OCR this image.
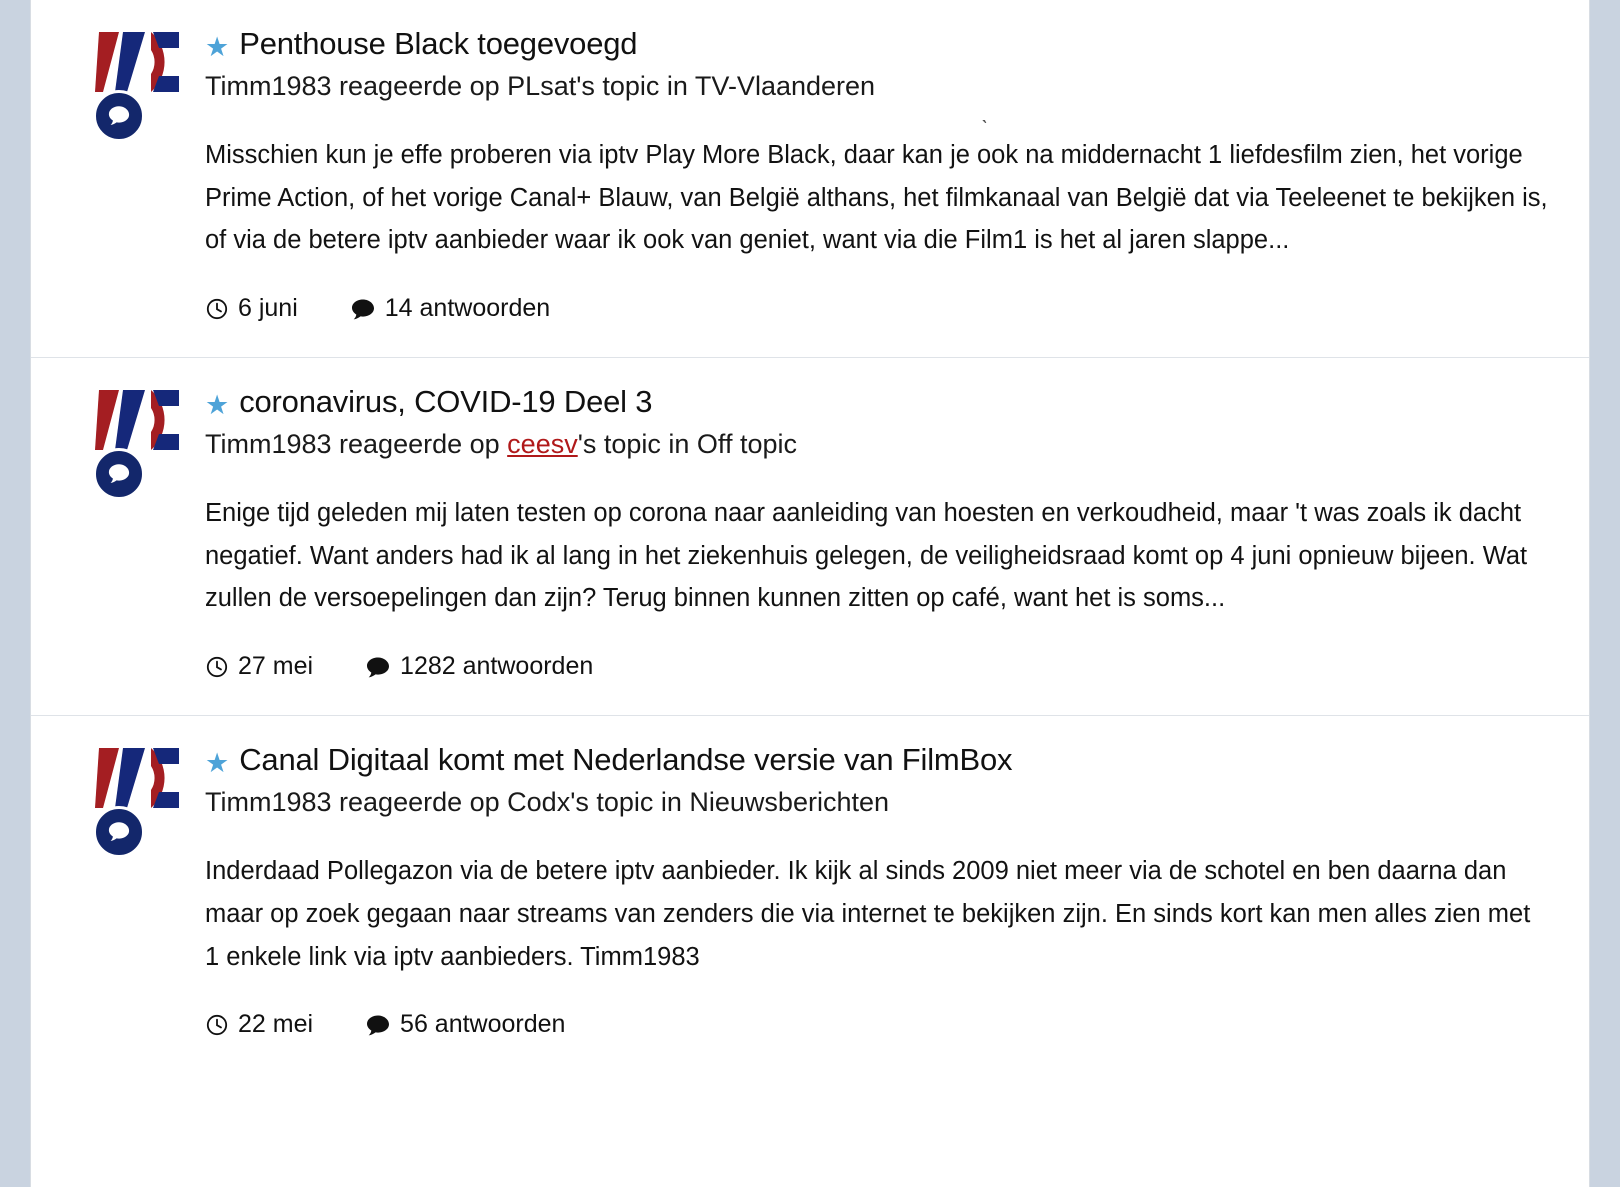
ˋ
★ Penthouse Black toegevoegd
Timm1983 reageerde op PLsat's topic in TV-Vlaanderen

Misschien kun je effe proberen via iptv Play More Black, daar kan je ook na middernacht 1 liefdesfilm zien, het vorige Prime Action, of het vorige Canal+ Blauw, van België althans, het filmkanaal van België dat via Teeleenet te bekijken is, of via de betere iptv aanbieder waar ik ook van geniet, want via die Film1 is het al jaren slappe...

6 juni	14 antwoorden
★ coronavirus, COVID-19 Deel 3
Timm1983 reageerde op ceesv's topic in Off topic

Enige tijd geleden mij laten testen op corona naar aanleiding van hoesten en verkoudheid, maar 't was zoals ik dacht negatief. Want anders had ik al lang in het ziekenhuis gelegen, de veiligheidsraad komt op 4 juni opnieuw bijeen. Wat zullen de versoepelingen dan zijn? Terug binnen kunnen zitten op café, want het is soms...

27 mei	1282 antwoorden
★ Canal Digitaal komt met Nederlandse versie van FilmBox
Timm1983 reageerde op Codx's topic in Nieuwsberichten

Inderdaad Pollegazon via de betere iptv aanbieder. Ik kijk al sinds 2009 niet meer via de schotel en ben daarna dan maar op zoek gegaan naar streams van zenders die via internet te bekijken zijn. En sinds kort kan men alles zien met 1 enkele link via iptv aanbieders. Timm1983

22 mei	56 antwoorden
